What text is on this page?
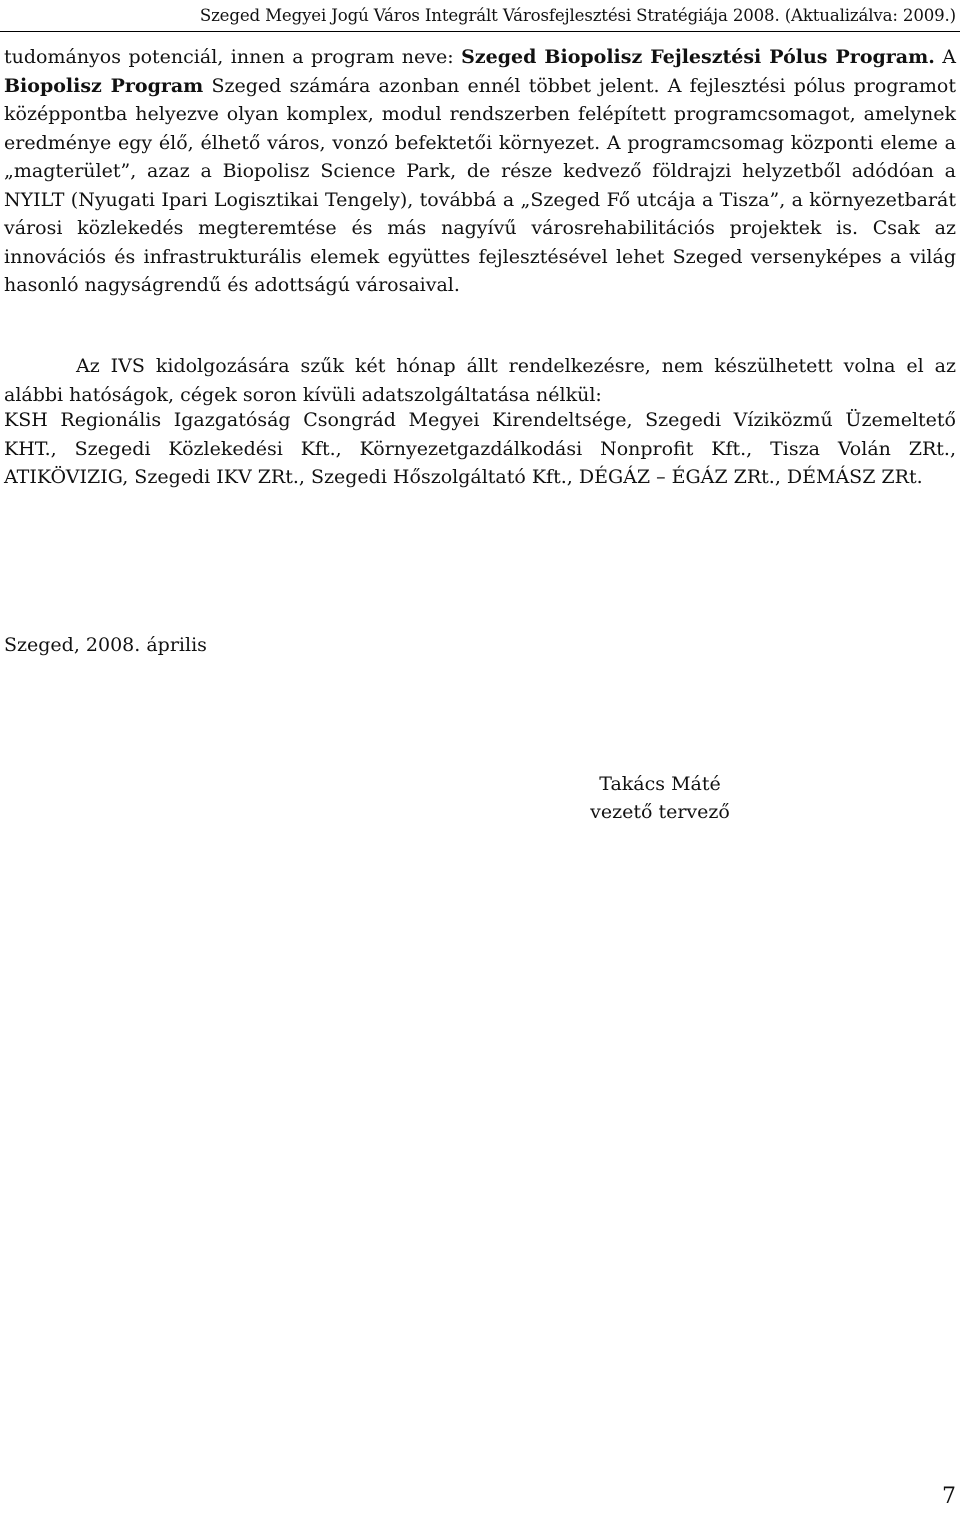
Szeged Megyei Jogú Város Integrált Városfejlesztési Stratégiája 2008. (Aktualizálva: 2009.)

tudományos potenciál, innen a program neve: Szeged Biopolisz Fejlesztési Pólus Program. A Biopolisz Program Szeged számára azonban ennél többet jelent. A fejlesztési pólus programot középpontba helyezve olyan komplex, modul rendszerben felépített programcsomagot, amelynek eredménye egy élő, élhető város, vonzó befektetői környezet. A programcsomag központi eleme a „magterület”, azaz a Biopolisz Science Park, de része kedvező földrajzi helyzetből adódóan a NYILT (Nyugati Ipari Logisztikai Tengely), továbbá a „Szeged Fő utcája a Tisza”, a környezetbarát városi közlekedés megteremtése és más nagyívű városrehabilitációs projektek is. Csak az innovációs és infrastrukturális elemek együttes fejlesztésével lehet Szeged versenyképes a világ hasonló nagyságrendű és adottságú városaival.

Az IVS kidolgozására szűk két hónap állt rendelkezésre, nem készülhetett volna el az alábbi hatóságok, cégek soron kívüli adatszolgáltatása nélkül:

KSH Regionális Igazgatóság Csongrád Megyei Kirendeltsége, Szegedi Víziközmű Üzemeltető KHT., Szegedi Közlekedési Kft., Környezetgazdálkodási Nonprofit Kft., Tisza Volán ZRt., ATIKÖVIZIG, Szegedi IKV ZRt., Szegedi Hőszolgáltató Kft., DÉGÁZ – ÉGÁZ ZRt., DÉMÁSZ ZRt.

Szeged, 2008. április
Takács Máté
vezető tervező
7
